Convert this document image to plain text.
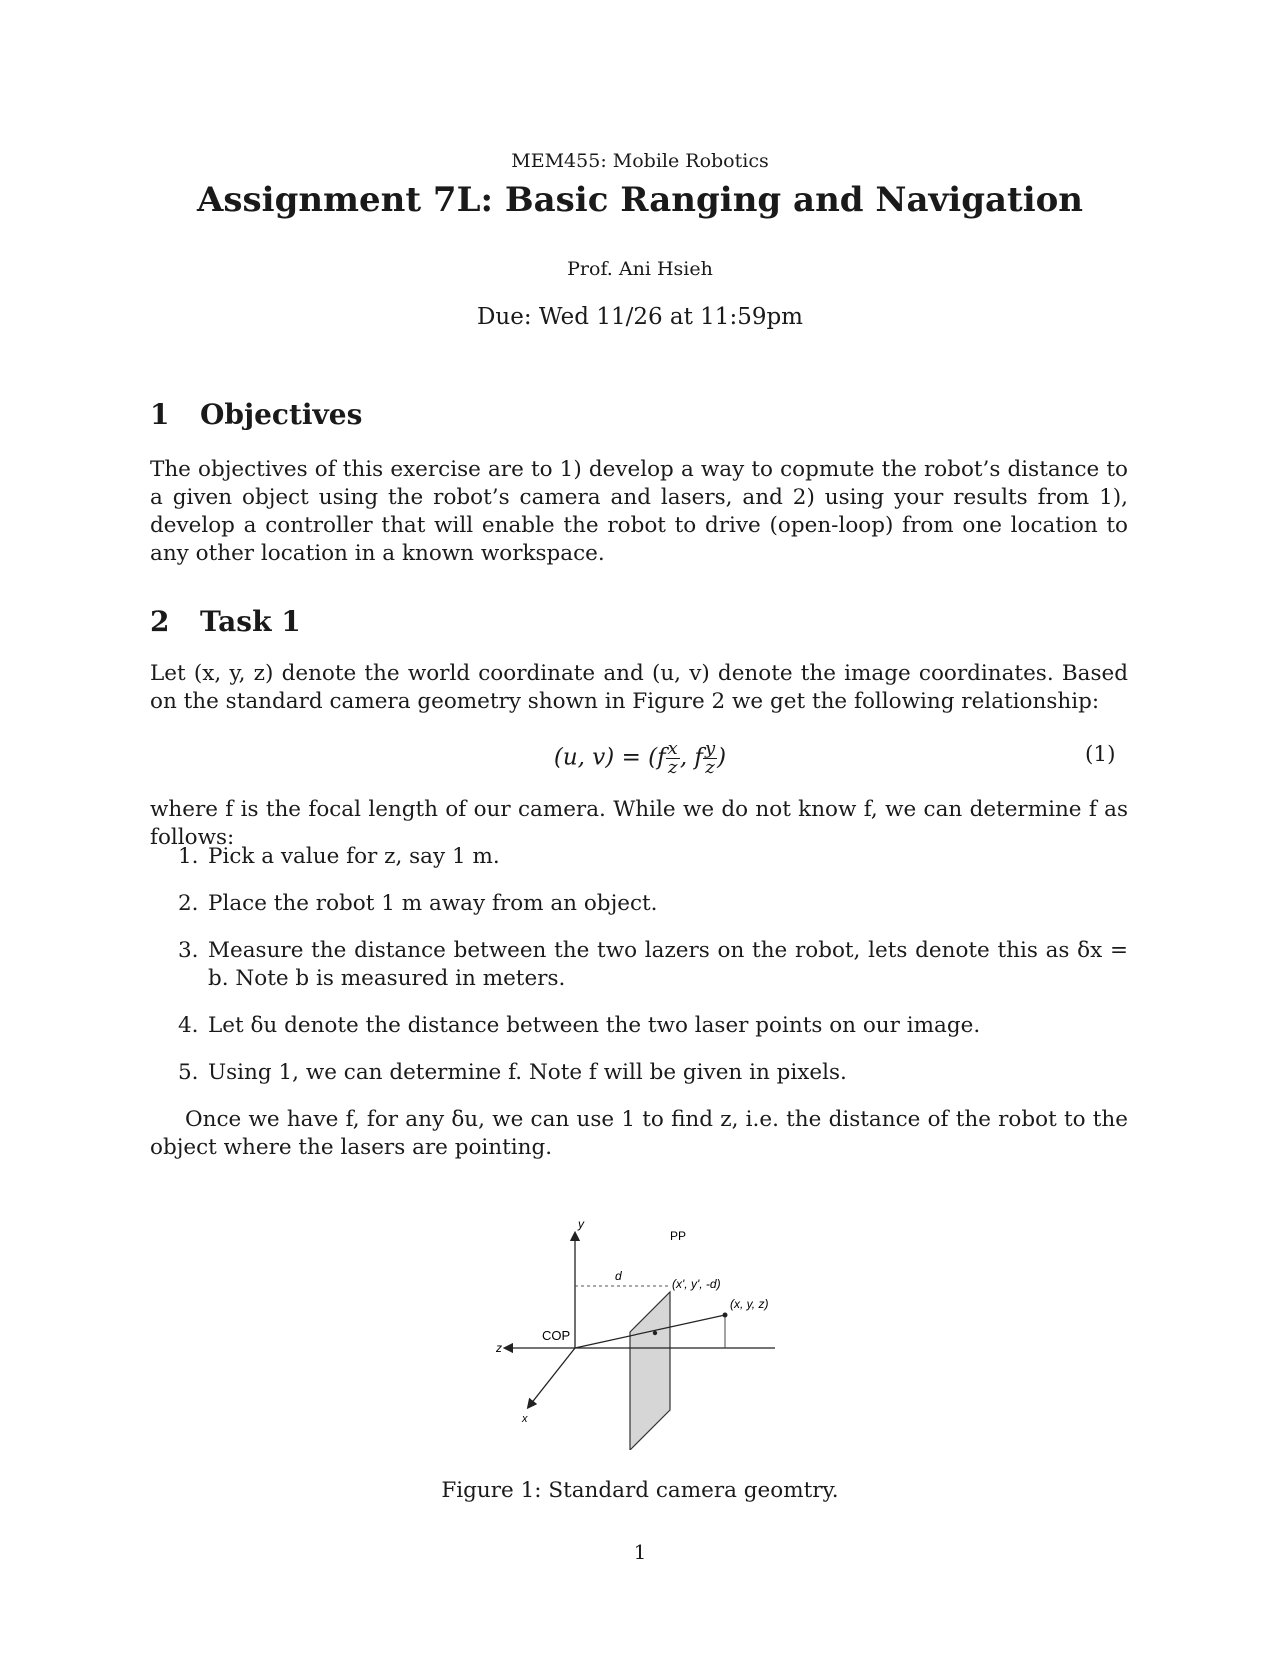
MEM455: Mobile Robotics
Assignment 7L: Basic Ranging and Navigation
Prof. Ani Hsieh
Due: Wed 11/26 at 11:59pm
1 Objectives
The objectives of this exercise are to 1) develop a way to copmute the robot’s distance to a given object using the robot’s camera and lasers, and 2) using your results from 1), develop a controller that will enable the robot to drive (open-loop) from one location to any other location in a known workspace.
2 Task 1
Let (x, y, z) denote the world coordinate and (u, v) denote the image coordinates. Based on the standard camera geometry shown in Figure 2 we get the following relationship:
(u, $v) = (f \frac{x}{z}$ , f $\frac{y}{z}$ )	(1)
where f is the focal length of our camera. While we do not know f, we can determine f as follows:
1. Pick a value for z, say 1 m.
2. Place the robot 1 m away from an object.
3. Measure the distance between the two lazers on the robot, lets denote this as δx = b. Note b is measured in meters.
4. Let δu denote the distance between the two laser points on our image.
5. Using 1, we can determine f. Note f will be given in pixels.
Once we have f, for any δu, we can use 1 to find z, i.e. the distance of the robot to the object where the lasers are pointing.
y
PP
d
(x', y', -d)
(x, y, z)
COP
z
x
Figure 1: Standard camera geomtry.
1
